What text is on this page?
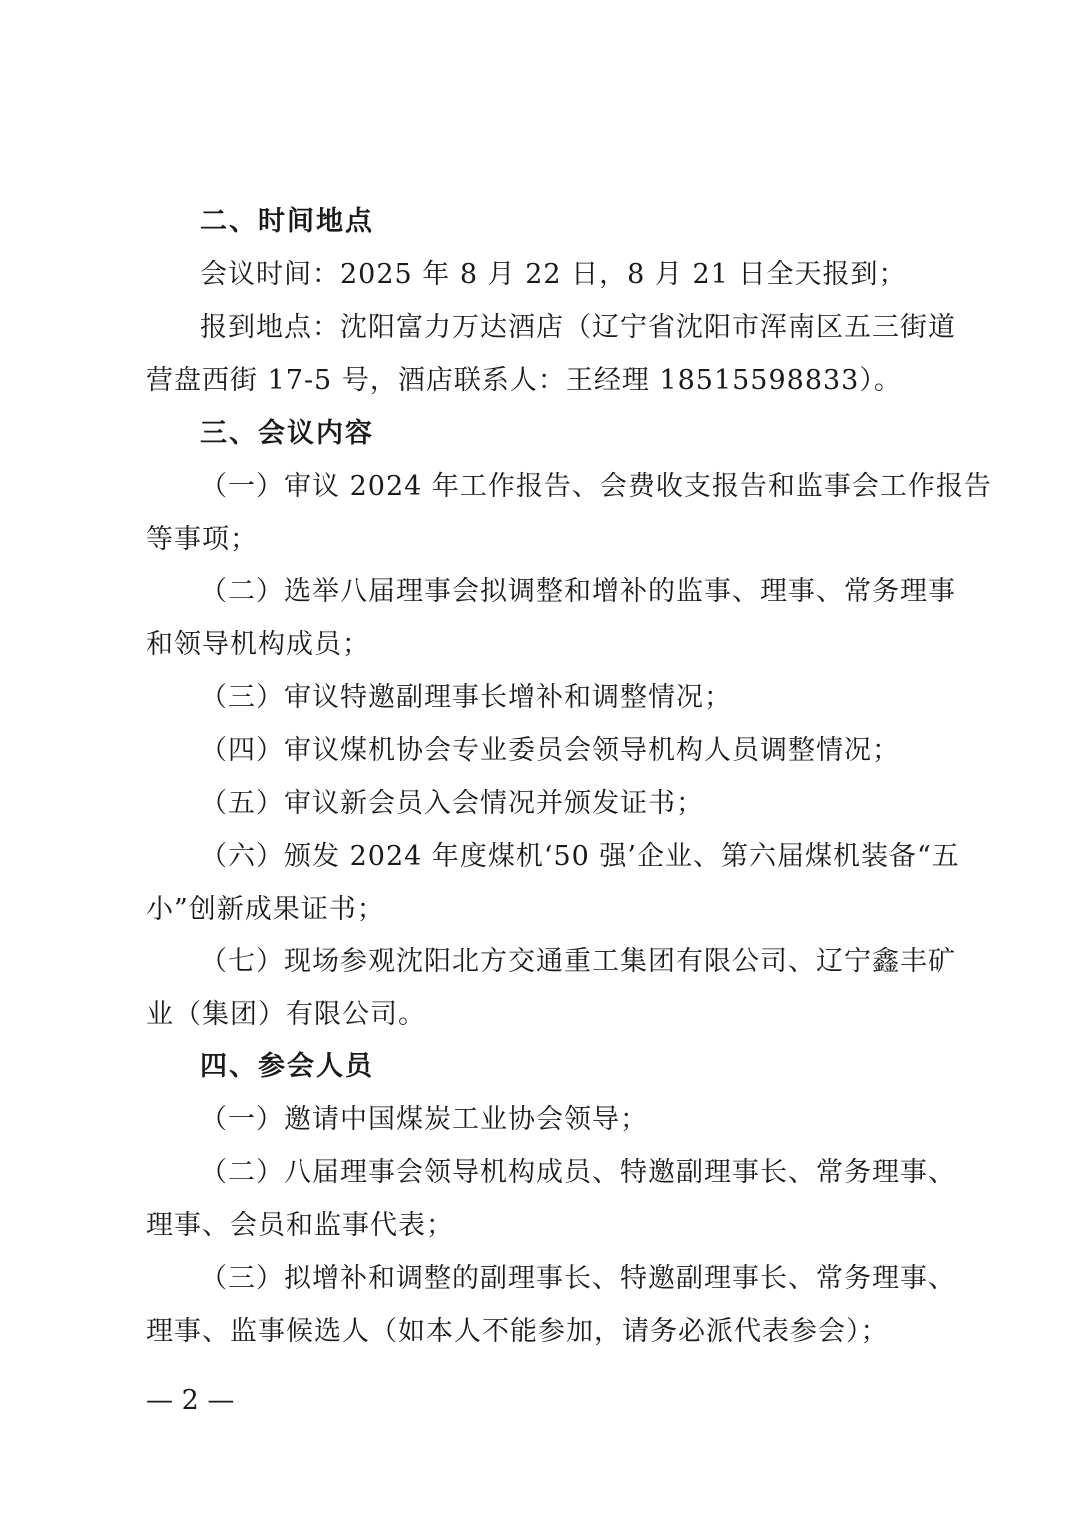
二、时间地点
会议时间：2025 年 8 月 22 日，8 月 21 日全天报到；
报到地点：沈阳富力万达酒店（辽宁省沈阳市浑南区五三街道
营盘西街 17-5 号，酒店联系人：王经理 18515598833）。
三、会议内容
（一）审议 2024 年工作报告、会费收支报告和监事会工作报告
等事项；
（二）选举八届理事会拟调整和增补的监事、理事、常务理事
和领导机构成员；
（三）审议特邀副理事长增补和调整情况；
（四）审议煤机协会专业委员会领导机构人员调整情况；
（五）审议新会员入会情况并颁发证书；
（六）颁发 2024 年度煤机‘50 强’企业、第六届煤机装备“五
小”创新成果证书；
（七）现场参观沈阳北方交通重工集团有限公司、辽宁鑫丰矿
业（集团）有限公司。
四、参会人员
（一）邀请中国煤炭工业协会领导；
（二）八届理事会领导机构成员、特邀副理事长、常务理事、
理事、会员和监事代表；
（三）拟增补和调整的副理事长、特邀副理事长、常务理事、
理事、监事候选人（如本人不能参加，请务必派代表参会）；
— 2 —
